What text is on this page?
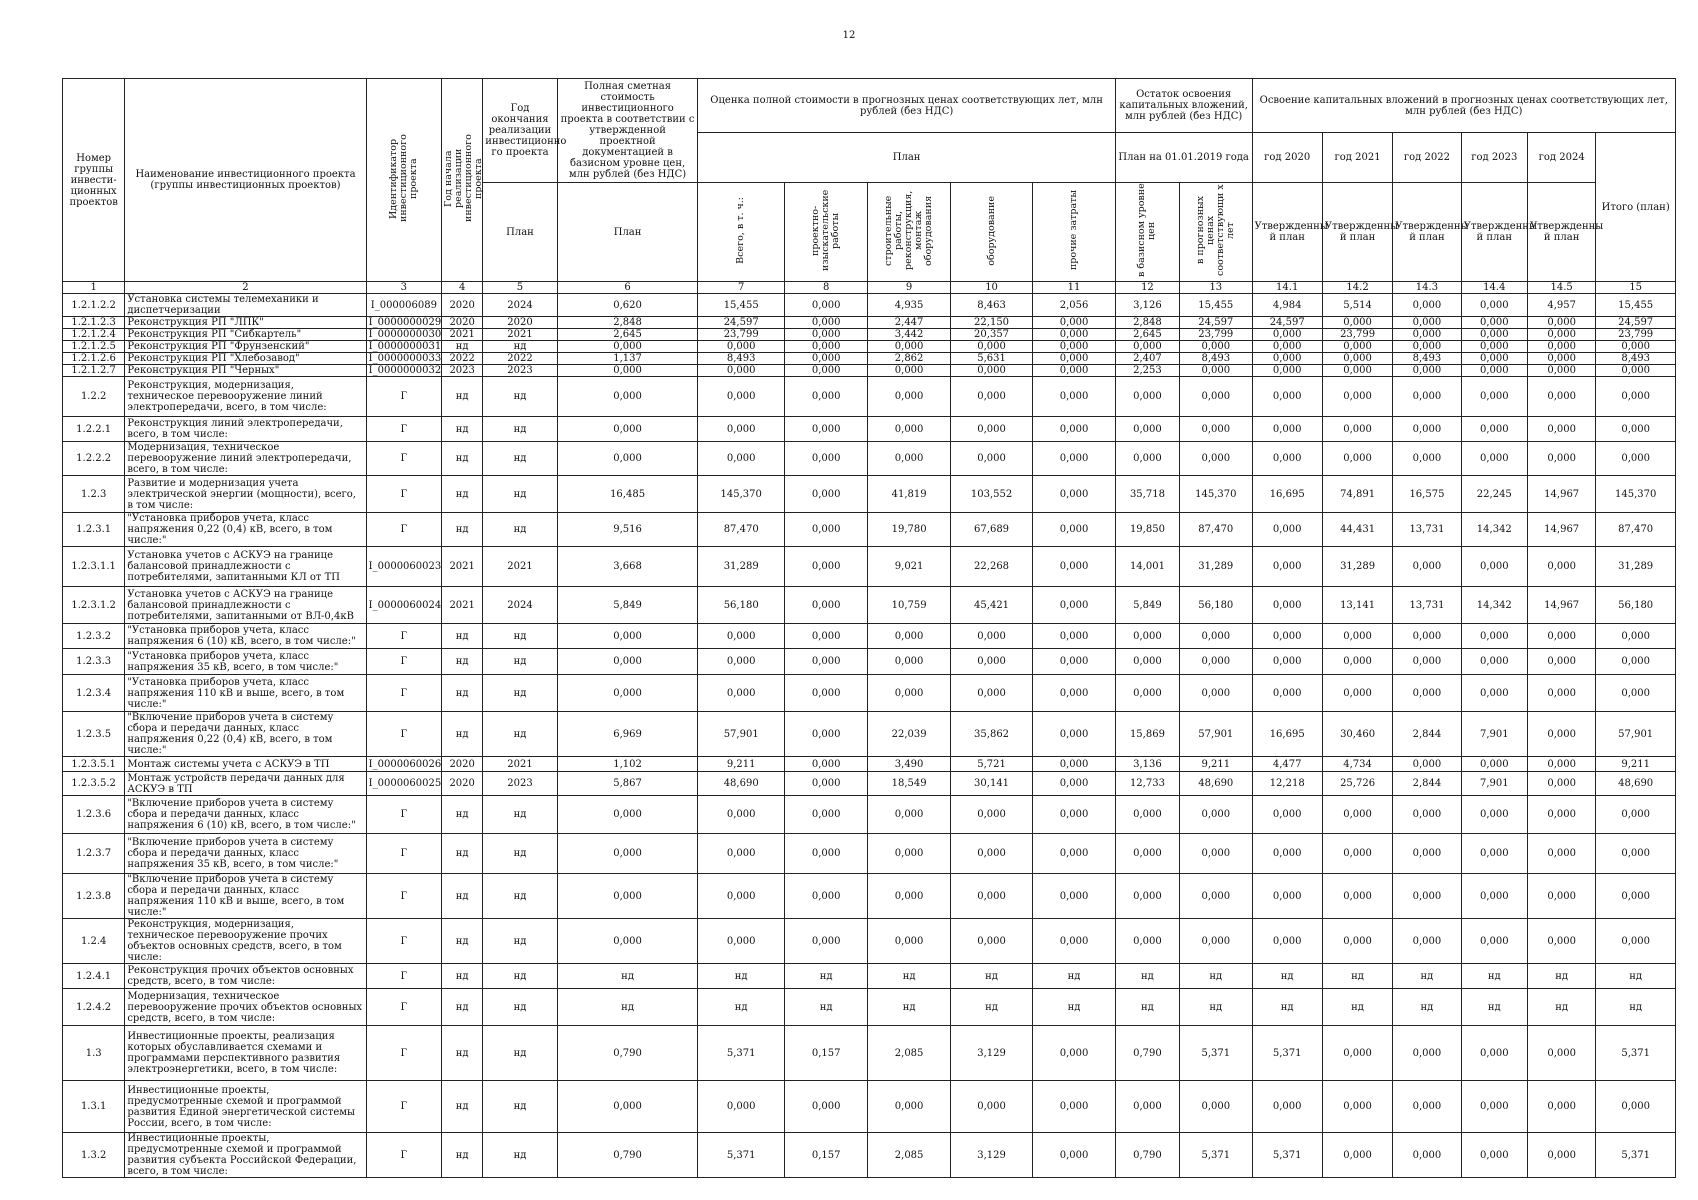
12
Номер группы инвести- ционных проектов	Наименование инвестиционного проекта (группы инвестиционных проектов)	Идентификатор инвестиционного проекта	Год начала реализации инвестиционного проекта	Год окончания реализации инвестиционно го проекта	Полная сметная стоимость инвестиционного проекта в соответствии с утвержденной проектной документацией в базисном уровне цен, млн рублей (без НДС)	Оценка полной стоимости в прогнозных ценах соответствующих лет, млн рублей (без НДС)					Остаток освоения капитальных вложений, млн рублей (без НДС)		Освоение капитальных вложений в прогнозных ценах соответствующих лет, млн рублей (без НДС)					
						План					План на 01.01.2019 года		год 2020	год 2021	год 2022	год 2023	год 2024	Итого (план)
				План	План	Всего, в т. ч.:	проектно- изыскательские работы	строительные работы, реконструкция, монтаж оборудования	оборудование	прочие затраты	в базисном уровне цен	в прогнозных ценах соответствующи х лет	Утвержденны й план	Утвержденны й план	Утвержденны й план	Утвержденны й план	Утвержденны й план	
1	2	3	4	5	6	7	8	9	10	11	12	13	14.1	14.2	14.3	14.4	14.5	15
1.2.1.2.2	Установка системы телемеханики и диспетчеризации	I_000006089	2020	2024	0,620	15,455	0,000	4,935	8,463	2,056	3,126	15,455	4,984	5,514	0,000	0,000	4,957	15,455
1.2.1.2.3	Реконструкция РП "ЛПК"	I_0000000029	2020	2020	2,848	24,597	0,000	2,447	22,150	0,000	2,848	24,597	24,597	0,000	0,000	0,000	0,000	24,597
1.2.1.2.4	Реконструкция РП "Сибкартель"	I_0000000030	2021	2021	2,645	23,799	0,000	3,442	20,357	0,000	2,645	23,799	0,000	23,799	0,000	0,000	0,000	23,799
1.2.1.2.5	Реконструкция РП "Фрунзенский"	I_0000000031	нд	нд	0,000	0,000	0,000	0,000	0,000	0,000	0,000	0,000	0,000	0,000	0,000	0,000	0,000	0,000
1.2.1.2.6	Реконструкция РП "Хлебозавод"	I_0000000033	2022	2022	1,137	8,493	0,000	2,862	5,631	0,000	2,407	8,493	0,000	0,000	8,493	0,000	0,000	8,493
1.2.1.2.7	Реконструкция РП "Черных"	I_0000000032	2023	2023	0,000	0,000	0,000	0,000	0,000	0,000	2,253	0,000	0,000	0,000	0,000	0,000	0,000	0,000
1.2.2	Реконструкция, модернизация, техническое перевооружение линий электропередачи, всего, в том числе:	Г	нд	нд	0,000	0,000	0,000	0,000	0,000	0,000	0,000	0,000	0,000	0,000	0,000	0,000	0,000	0,000
1.2.2.1	Реконструкция линий электропередачи, всего, в том числе:	Г	нд	нд	0,000	0,000	0,000	0,000	0,000	0,000	0,000	0,000	0,000	0,000	0,000	0,000	0,000	0,000
1.2.2.2	Модернизация, техническое перевооружение линий электропередачи, всего, в том числе:	Г	нд	нд	0,000	0,000	0,000	0,000	0,000	0,000	0,000	0,000	0,000	0,000	0,000	0,000	0,000	0,000
1.2.3	Развитие и модернизация учета электрической энергии (мощности), всего, в том числе:	Г	нд	нд	16,485	145,370	0,000	41,819	103,552	0,000	35,718	145,370	16,695	74,891	16,575	22,245	14,967	145,370
1.2.3.1	"Установка приборов учета, класс напряжения 0,22 (0,4) кВ, всего, в том числе:"	Г	нд	нд	9,516	87,470	0,000	19,780	67,689	0,000	19,850	87,470	0,000	44,431	13,731	14,342	14,967	87,470
1.2.3.1.1	Установка учетов с АСКУЭ на границе балансовой принадлежности с потребителями, запитанными КЛ от ТП	I_0000060023	2021	2021	3,668	31,289	0,000	9,021	22,268	0,000	14,001	31,289	0,000	31,289	0,000	0,000	0,000	31,289
1.2.3.1.2	Установка учетов с АСКУЭ на границе балансовой принадлежности с потребителями, запитанными от ВЛ-0,4кВ	I_0000060024	2021	2024	5,849	56,180	0,000	10,759	45,421	0,000	5,849	56,180	0,000	13,141	13,731	14,342	14,967	56,180
1.2.3.2	"Установка приборов учета, класс напряжения 6 (10) кВ, всего, в том числе:"	Г	нд	нд	0,000	0,000	0,000	0,000	0,000	0,000	0,000	0,000	0,000	0,000	0,000	0,000	0,000	0,000
1.2.3.3	"Установка приборов учета, класс напряжения 35 кВ, всего, в том числе:"	Г	нд	нд	0,000	0,000	0,000	0,000	0,000	0,000	0,000	0,000	0,000	0,000	0,000	0,000	0,000	0,000
1.2.3.4	"Установка приборов учета, класс напряжения 110 кВ и выше, всего, в том числе:"	Г	нд	нд	0,000	0,000	0,000	0,000	0,000	0,000	0,000	0,000	0,000	0,000	0,000	0,000	0,000	0,000
1.2.3.5	"Включение приборов учета в систему сбора и передачи данных, класс напряжения 0,22 (0,4) кВ, всего, в том числе:"	Г	нд	нд	6,969	57,901	0,000	22,039	35,862	0,000	15,869	57,901	16,695	30,460	2,844	7,901	0,000	57,901
1.2.3.5.1	Монтаж системы учета с АСКУЭ в ТП	I_0000060026	2020	2021	1,102	9,211	0,000	3,490	5,721	0,000	3,136	9,211	4,477	4,734	0,000	0,000	0,000	9,211
1.2.3.5.2	Монтаж устройств передачи данных для АСКУЭ в ТП	I_0000060025	2020	2023	5,867	48,690	0,000	18,549	30,141	0,000	12,733	48,690	12,218	25,726	2,844	7,901	0,000	48,690
1.2.3.6	"Включение приборов учета в систему сбора и передачи данных, класс напряжения 6 (10) кВ, всего, в том числе:"	Г	нд	нд	0,000	0,000	0,000	0,000	0,000	0,000	0,000	0,000	0,000	0,000	0,000	0,000	0,000	0,000
1.2.3.7	"Включение приборов учета в систему сбора и передачи данных, класс напряжения 35 кВ, всего, в том числе:"	Г	нд	нд	0,000	0,000	0,000	0,000	0,000	0,000	0,000	0,000	0,000	0,000	0,000	0,000	0,000	0,000
1.2.3.8	"Включение приборов учета в систему сбора и передачи данных, класс напряжения 110 кВ и выше, всего, в том числе:"	Г	нд	нд	0,000	0,000	0,000	0,000	0,000	0,000	0,000	0,000	0,000	0,000	0,000	0,000	0,000	0,000
1.2.4	Реконструкция, модернизация, техническое перевооружение прочих объектов основных средств, всего, в том числе:	Г	нд	нд	0,000	0,000	0,000	0,000	0,000	0,000	0,000	0,000	0,000	0,000	0,000	0,000	0,000	0,000
1.2.4.1	Реконструкция прочих объектов основных средств, всего, в том числе:	Г	нд	нд	нд	нд	нд	нд	нд	нд	нд	нд	нд	нд	нд	нд	нд	нд
1.2.4.2	Модернизация, техническое перевооружение прочих объектов основных средств, всего, в том числе:	Г	нд	нд	нд	нд	нд	нд	нд	нд	нд	нд	нд	нд	нд	нд	нд	нд
1.3	Инвестиционные проекты, реализация которых обуславливается схемами и программами перспективного развития электроэнергетики, всего, в том числе:	Г	нд	нд	0,790	5,371	0,157	2,085	3,129	0,000	0,790	5,371	5,371	0,000	0,000	0,000	0,000	5,371
1.3.1	Инвестиционные проекты, предусмотренные схемой и программой развития Единой энергетической системы России, всего, в том числе:	Г	нд	нд	0,000	0,000	0,000	0,000	0,000	0,000	0,000	0,000	0,000	0,000	0,000	0,000	0,000	0,000
1.3.2	Инвестиционные проекты, предусмотренные схемой и программой развития субъекта Российской Федерации, всего, в том числе:	Г	нд	нд	0,790	5,371	0,157	2,085	3,129	0,000	0,790	5,371	5,371	0,000	0,000	0,000	0,000	5,371
